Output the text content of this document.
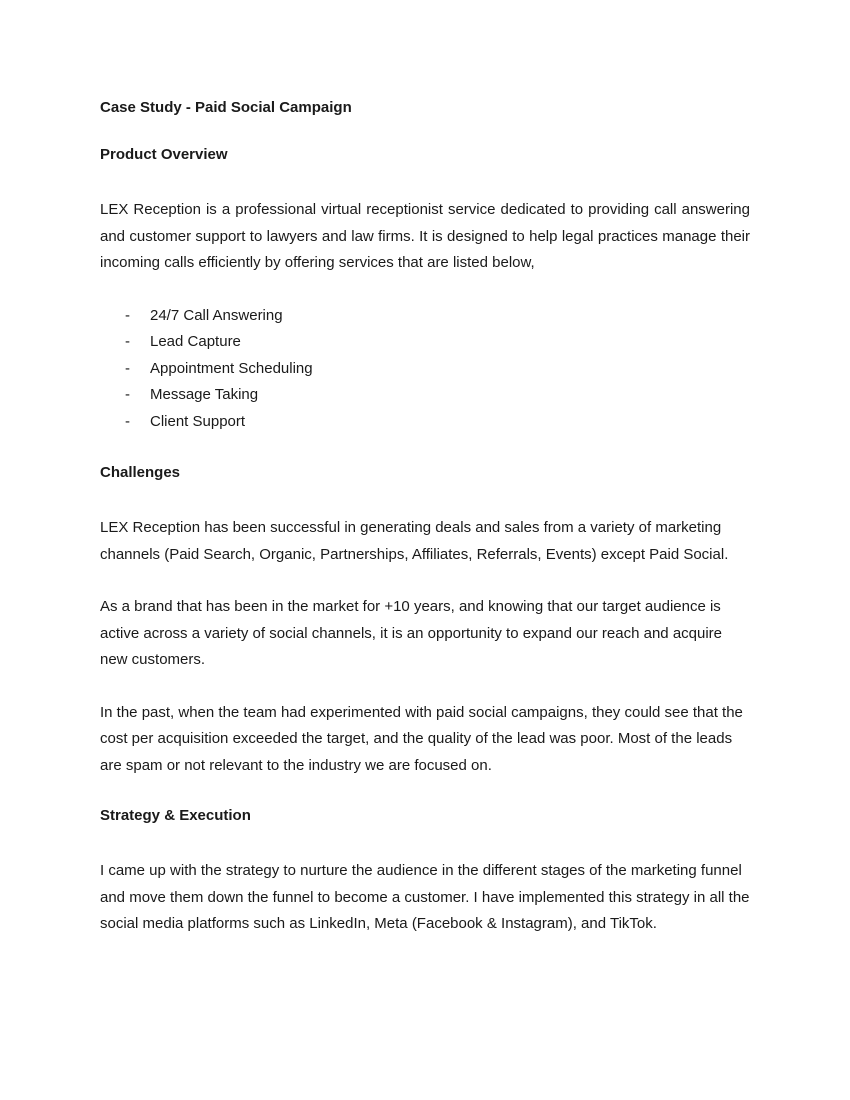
Case Study - Paid Social Campaign
Product Overview

LEX Reception is a professional virtual receptionist service dedicated to providing call answering and customer support to lawyers and law firms. It is designed to help legal practices manage their incoming calls efficiently by offering services that are listed below,

- 24/7 Call Answering
- Lead Capture
- Appointment Scheduling
- Message Taking
- Client Support
Challenges

LEX Reception has been successful in generating deals and sales from a variety of marketing channels (Paid Search, Organic, Partnerships, Affiliates, Referrals, Events) except Paid Social.

As a brand that has been in the market for +10 years, and knowing that our target audience is active across a variety of social channels, it is an opportunity to expand our reach and acquire new customers.

In the past, when the team had experimented with paid social campaigns, they could see that the cost per acquisition exceeded the target, and the quality of the lead was poor. Most of the leads are spam or not relevant to the industry we are focused on.

Strategy & Execution

I came up with the strategy to nurture the audience in the different stages of the marketing funnel and move them down the funnel to become a customer. I have implemented this strategy in all the social media platforms such as LinkedIn, Meta (Facebook & Instagram), and TikTok.
